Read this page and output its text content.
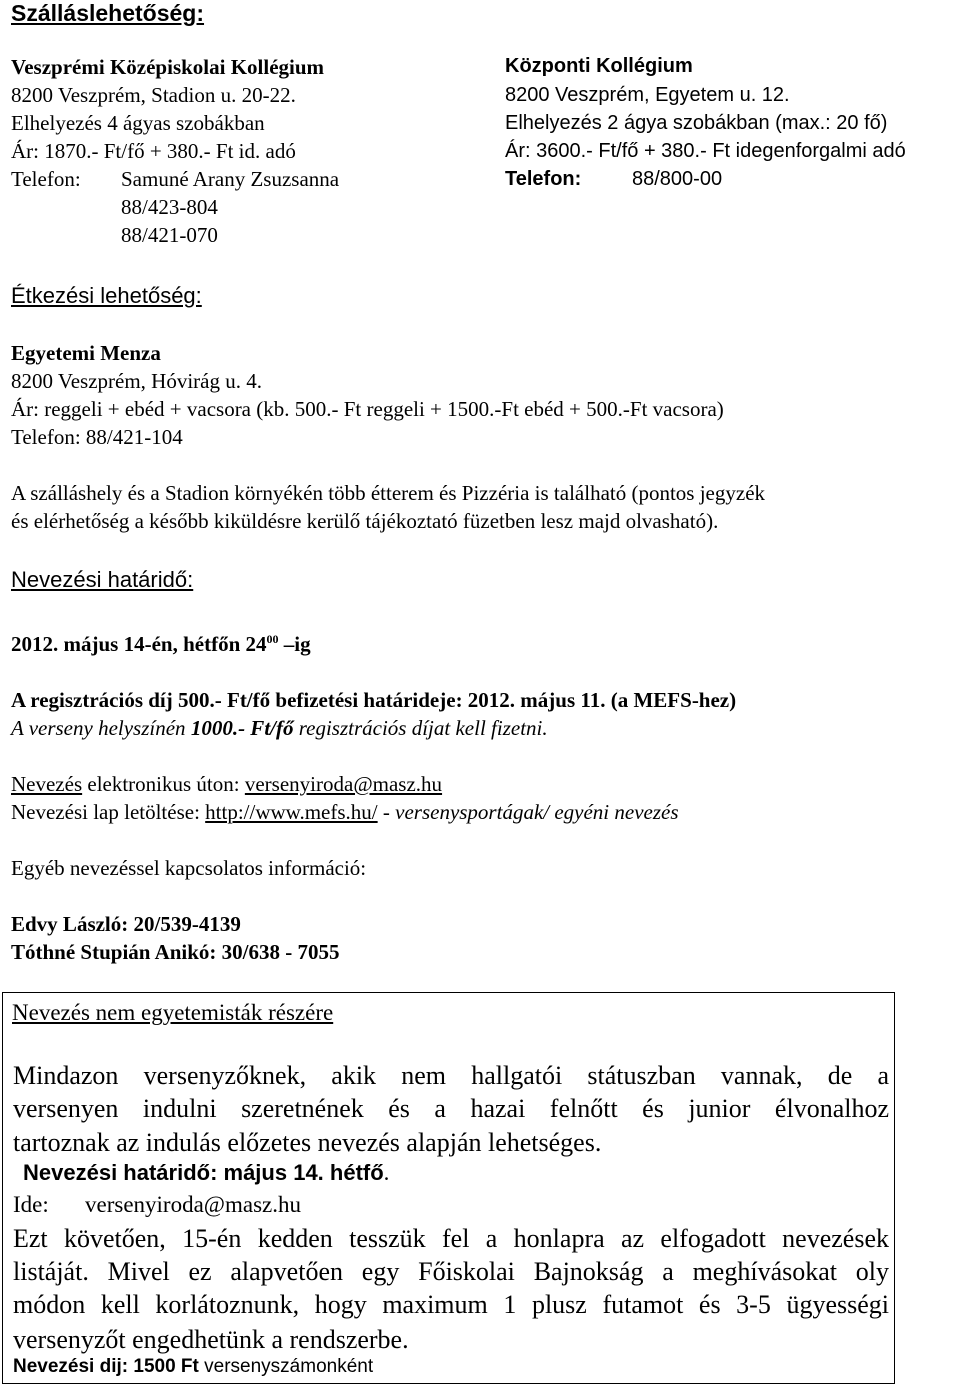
Szálláslehetőség:
Veszprémi Középiskolai Kollégium
8200 Veszprém, Stadion u. 20-22.
Elhelyezés 4 ágyas szobákban
Ár: 1870.- Ft/fő + 380.- Ft id. adó
Telefon: Samuné Arany Zsuzsanna
88/423-804
88/421-070
Központi Kollégium
8200 Veszprém, Egyetem u. 12.
Elhelyezés 2 ágya szobákban (max.: 20 fő)
Ár: 3600.- Ft/fő + 380.- Ft idegenforgalmi adó
Telefon:	88/800-00
Étkezési lehetőség:
Egyetemi Menza
8200 Veszprém, Hóvirág u. 4.
Ár: reggeli + ebéd + vacsora (kb. 500.- Ft reggeli + 1500.-Ft ebéd + 500.-Ft vacsora)
Telefon: 88/421-104
A szálláshely és a Stadion környékén több étterem és Pizzéria is található (pontos jegyzék
és elérhetőség a később kiküldésre kerülő tájékoztató füzetben lesz majd olvasható).
Nevezési határidő:
2012. május 14-én, hétfőn $24^{00}$ –ig
A regisztrációs díj 500.- Ft/fő befizetési határideje: 2012. május 11. (a MEFS-hez)
A verseny helyszínén 1000.- Ft/fő regisztrációs díjat kell fizetni.
Nevezés elektronikus úton: versenyiroda@masz.hu
Nevezési lap letöltése: http://www.mefs.hu/ - versenysportágak/ egyéni nevezés
Egyéb nevezéssel kapcsolatos információ:
Edvy László: 20/539-4139
Tóthné Stupián Anikó: 30/638 - 7055
Nevezés nem egyetemisták részére
Mindazon versenyzőknek, akik nem hallgatói státuszban vannak, de a
versenyen indulni szeretnének és a hazai felnőtt és junior élvonalhoz
tartoznak az indulás előzetes nevezés alapján lehetséges.
Nevezési határidő: május 14. hétfő.
Ide: versenyiroda@masz.hu
Ezt követően, 15-én kedden tesszük fel a honlapra az elfogadott nevezések
listáját. Mivel ez alapvetően egy Főiskolai Bajnokság a meghívásokat oly
módon kell korlátoznunk, hogy maximum 1 plusz futamot és 3-5 ügyességi
versenyzőt engedhetünk a rendszerbe.
Nevezési dij: 1500 Ft versenyszámonként
